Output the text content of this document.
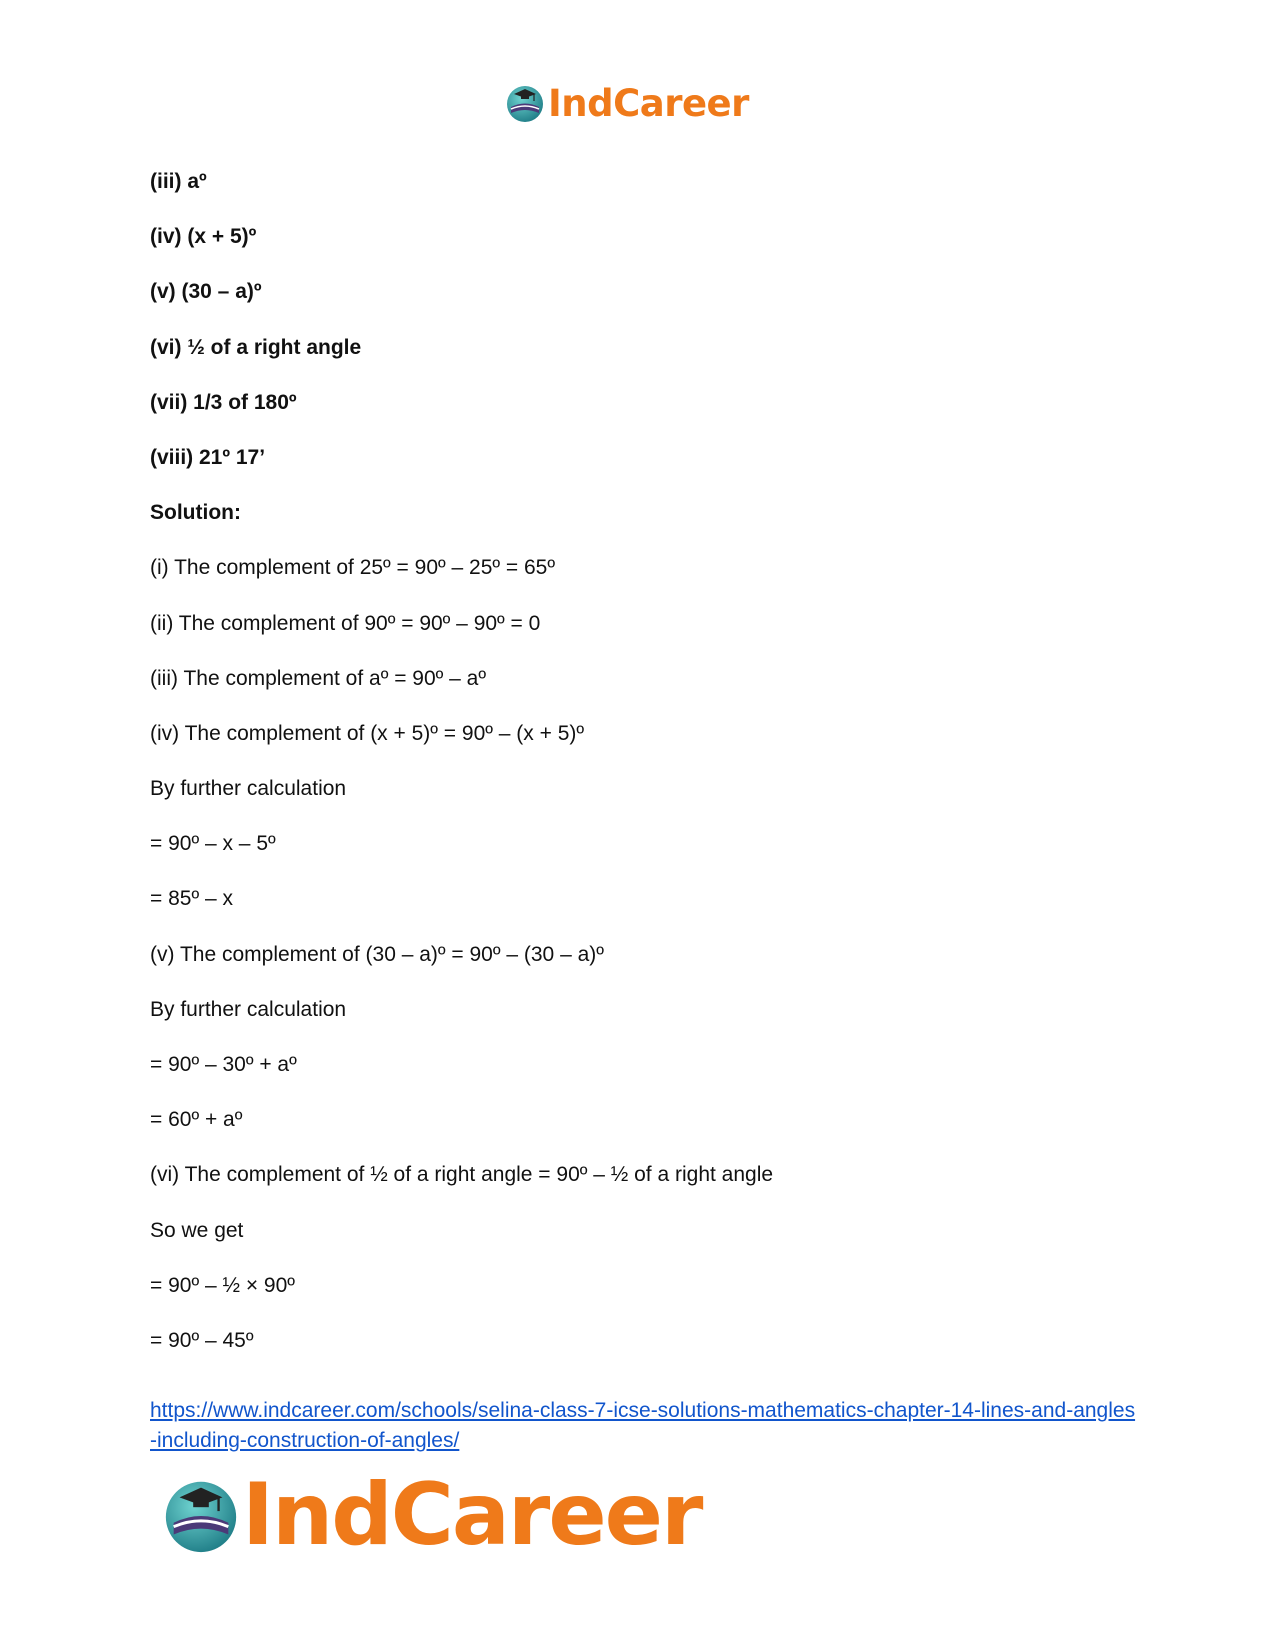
IndCareer
(iii) aº
(iv) (x + 5)º
(v) (30 – a)º
(vi) ½ of a right angle
(vii) 1/3 of 180º
(viii) 21º 17’
Solution:
(i) The complement of 25º = 90º – 25º = 65º
(ii) The complement of 90º = 90º – 90º = 0
(iii) The complement of aº = 90º – aº
(iv) The complement of (x + 5)º = 90º – (x + 5)º
By further calculation
= 90º – x – 5º
= 85º – x
(v) The complement of (30 – a)º = 90º – (30 – a)º
By further calculation
= 90º – 30º + aº
= 60º + aº
(vi) The complement of ½ of a right angle = 90º – ½ of a right angle
So we get
= 90º – ½ × 90º
= 90º – 45º
https://www.indcareer.com/schools/selina-class-7-icse-solutions-mathematics-chapter-14-lines-and-angles-including-construction-of-angles/
IndCareer
